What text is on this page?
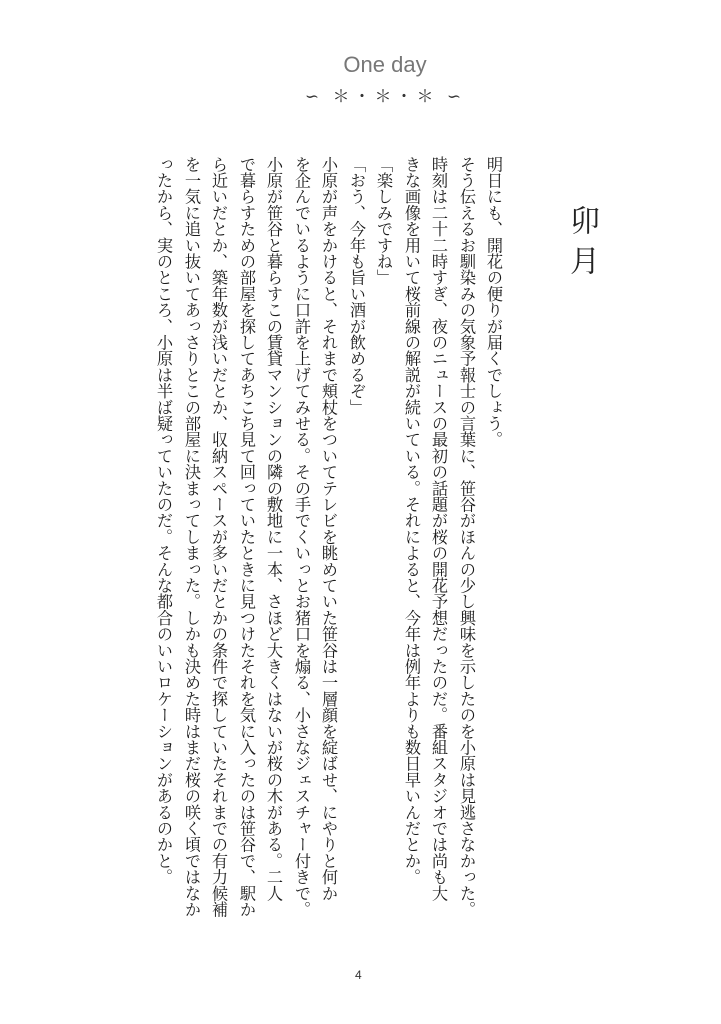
One day
∽ ＊・＊・＊ ∽
卯月
明日にも、開花の便りが届くでしょう。
そう伝えるお馴染みの気象予報士の言葉に、笹谷がほんの少し興味を示したのを小原は見逃さなかった。
時刻は二十二時すぎ、夜のニュースの最初の話題が桜の開花予想だったのだ。番組スタジオでは尚も大
きな画像を用いて桜前線の解説が続いている。それによると、今年は例年よりも数日早いんだとか。
「楽しみですね」
「おう、今年も旨い酒が飲めるぞ」
小原が声をかけると、それまで頬杖をついてテレビを眺めていた笹谷は一層顔を綻ばせ、にやりと何か
を企んでいるように口許を上げてみせる。その手でくいっとお猪口を煽る、小さなジェスチャー付きで。
小原が笹谷と暮らすこの賃貸マンションの隣の敷地に一本、さほど大きくはないが桜の木がある。二人
で暮らすための部屋を探してあちこち見て回っていたときに見つけたそれを気に入ったのは笹谷で、駅か
ら近いだとか、築年数が浅いだとか、収納スペースが多いだとかの条件で探していたそれまでの有力候補
を一気に追い抜いてあっさりとこの部屋に決まってしまった。しかも決めた時はまだ桜の咲く頃ではなか
ったから、実のところ、小原は半ば疑っていたのだ。そんな都合のいいロケーションがあるのかと。
4
